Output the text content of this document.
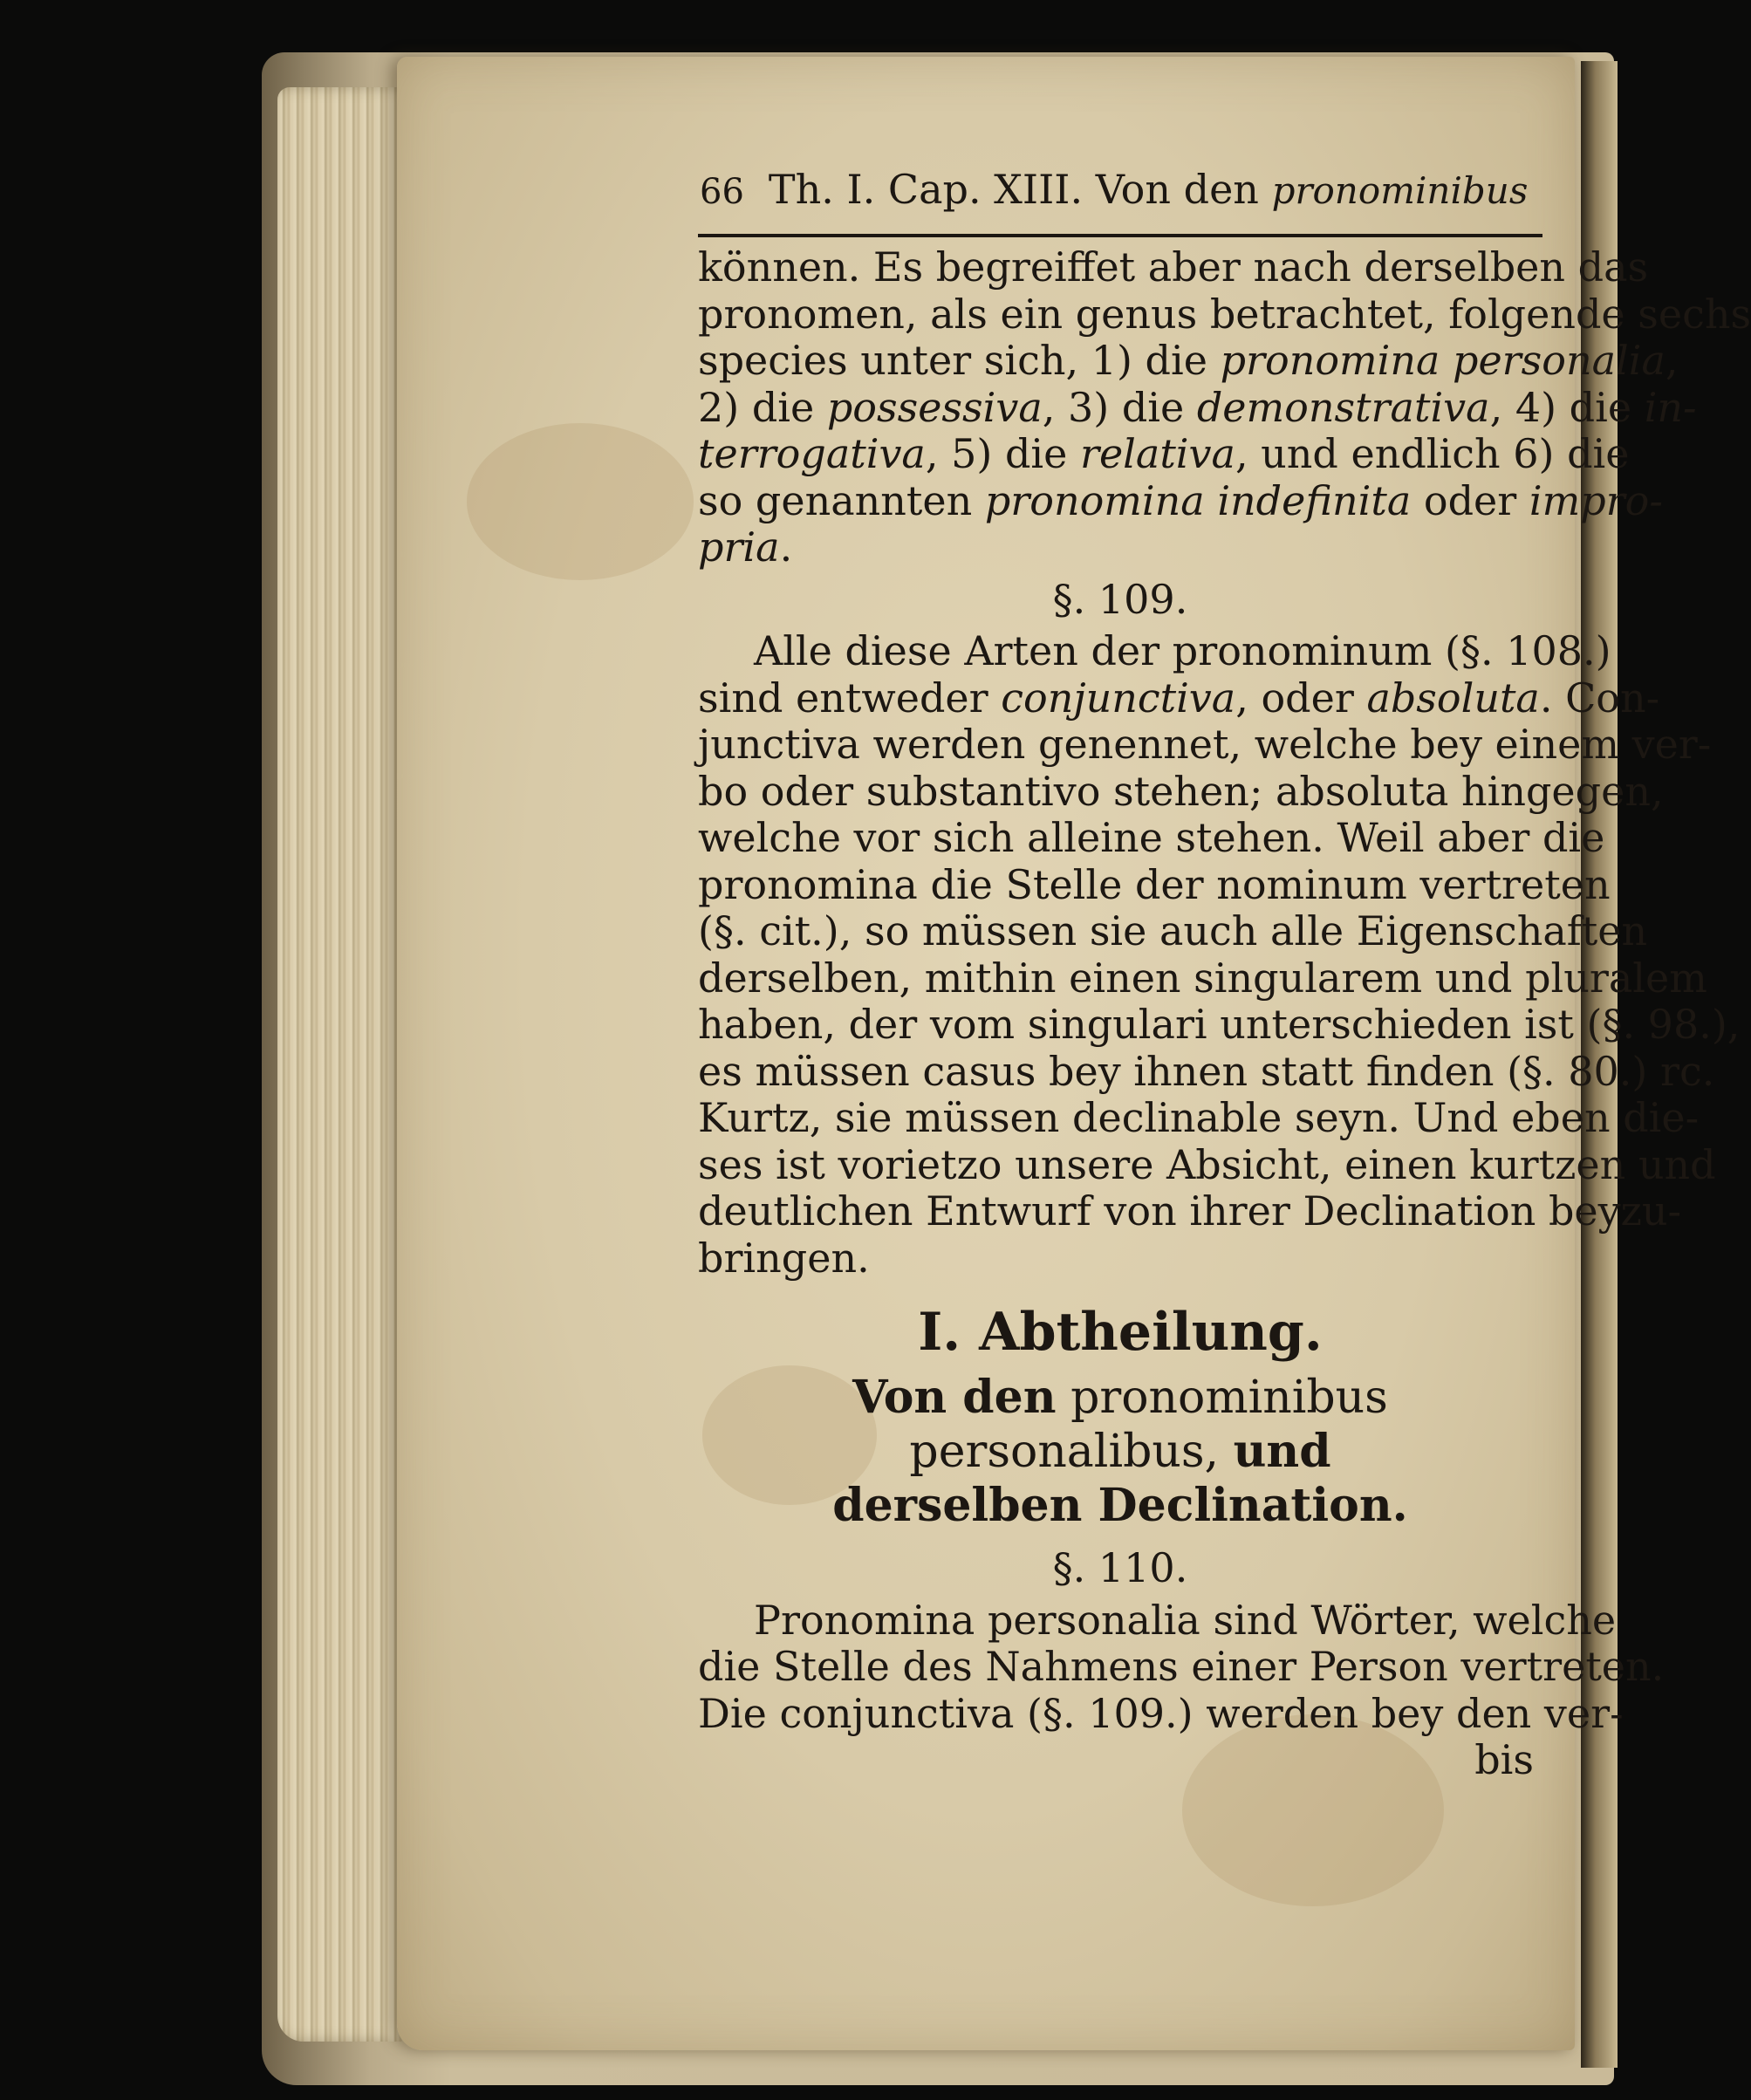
66 Th. I. Cap. XIII. Von den pronominibus
können. Es begreiffet aber nach derselben das
pronomen, als ein genus betrachtet, folgende sechs
species unter sich, 1) die pronomina personalia,
2) die possessiva, 3) die demonstrativa, 4) die in-
terrogativa, 5) die relativa, und endlich 6) die
so genannten pronomina indefinita oder impro-
pria.
§. 109.
Alle diese Arten der pronominum (§. 108.)
sind entweder conjunctiva, oder absoluta. Con-
junctiva werden genennet, welche bey einem ver-
bo oder substantivo stehen; absoluta hingegen,
welche vor sich alleine stehen. Weil aber die
pronomina die Stelle der nominum vertreten
(§. cit.), so müssen sie auch alle Eigenschaften
derselben, mithin einen singularem und pluralem
haben, der vom singulari unterschieden ist (§. 98.),
es müssen casus bey ihnen statt finden (§. 80.) rc.
Kurtz, sie müssen declinable seyn. Und eben die-
ses ist vorietzo unsere Absicht, einen kurtzen und
deutlichen Entwurf von ihrer Declination beyzu-
bringen.
I. Abtheilung.
Von den pronominibus personalibus, und
derselben Declination.
§. 110.
Pronomina personalia sind Wörter, welche
die Stelle des Nahmens einer Person vertreten.
Die conjunctiva (§. 109.) werden bey den ver-
bis
